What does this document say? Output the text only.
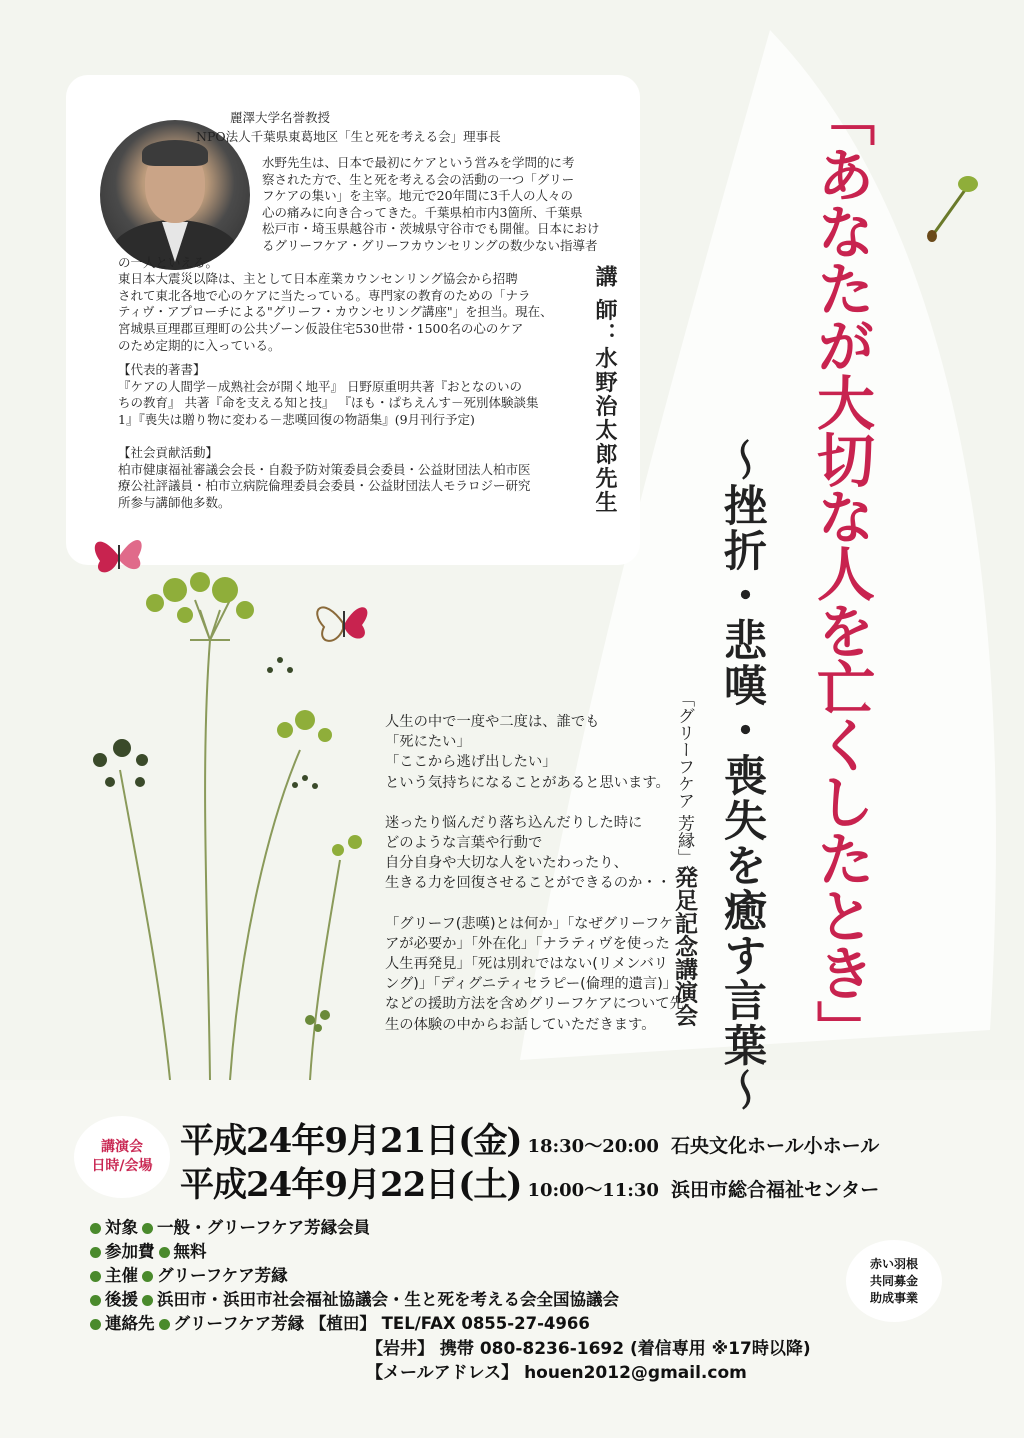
麗澤大学名誉教授
NPO法人千葉県東葛地区「生と死を考える会」理事長
水野先生は、日本で最初にケアという営みを学問的に考
察された方で、生と死を考える会の活動の一つ「グリー
フケアの集い」を主宰。地元で20年間に3千人の人々の
心の痛みに向き合ってきた。千葉県柏市内3箇所、千葉県
松戸市・埼玉県越谷市・茨城県守谷市でも開催。日本におけ
るグリーフケア・グリーフカウンセリングの数少ない指導者
の一人といえる。
東日本大震災以降は、主として日本産業カウンセンリング協会から招聘
されて東北各地で心のケアに当たっている。専門家の教育のための「ナラ
ティヴ・アプローチによる"グリーフ・カウンセリング講座"」を担当。現在、
宮城県亘理郡亘理町の公共ゾーン仮設住宅530世帯・1500名の心のケア
のため定期的に入っている。
【代表的著書】
『ケアの人間学－成熟社会が開く地平』 日野原重明共著『おとなのいの
ちの教育』 共著『命を支える知と技』 『ほも・ぱちえんす－死別体験談集
1』『喪失は贈り物に変わる－悲嘆回復の物語集』(9月刊行予定)
【社会貢献活動】
柏市健康福祉審議会会長・自殺予防対策委員会委員・公益財団法人柏市医
療公社評議員・柏市立病院倫理委員会委員・公益財団法人モラロジー研究
所参与講師他多数。	講 師：水野治太郎先生	「あなたが大切な人を亡くしたとき」
～挫折・悲嘆・喪失を癒す言葉～
「グリーフケア 芳縁」発足記念講演会

人生の中で一度や二度は、誰でも
「死にたい」
「ここから逃げ出したい」
という気持ちになることがあると思います。

迷ったり悩んだり落ち込んだりした時に
どのような言葉や行動で
自分自身や大切な人をいたわったり、
生きる力を回復させることができるのか・・・

「グリーフ(悲嘆)とは何か」「なぜグリーフケ
アが必要か」「外在化」「ナラティヴを使った
人生再発見」「死は別れではない(リメンバリ
ング)」「ディグニティセラピー(倫理的遺言)」
などの援助方法を含めグリーフケアについて先
生の体験の中からお話していただきます。

講演会
日時/会場
平成24年9月21日(金) 18:30～20:00 石央文化ホール小ホール
平成24年9月22日(土) 10:00～11:30 浜田市総合福祉センター
対象 一般・グリーフケア芳縁会員
参加費 無料
主催 グリーフケア芳縁
後援 浜田市・浜田市社会福祉協議会・生と死を考える会全国協議会
連絡先 グリーフケア芳縁 【植田】 TEL/FAX 0855-27-4966
【岩井】 携帯 080-8236-1692 (着信専用 ※17時以降)
【メールアドレス】 houen2012@gmail.com
赤い羽根
共同募金
助成事業
